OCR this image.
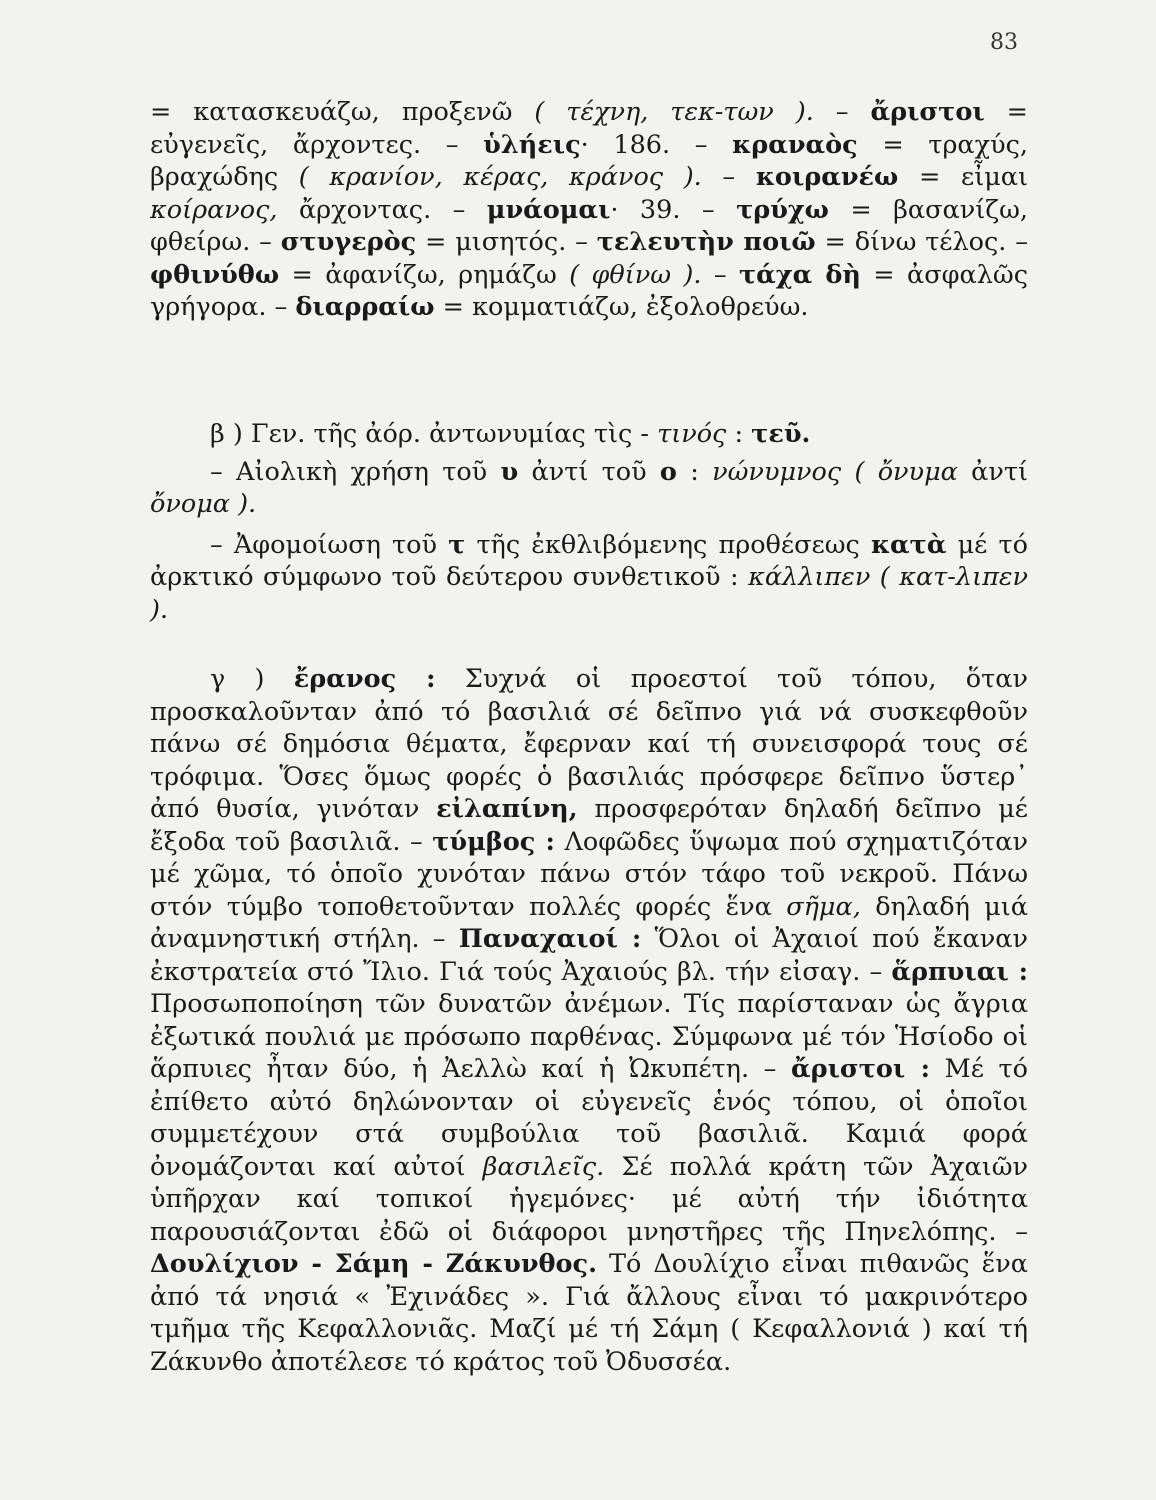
83

= κατασκευάζω, προξενῶ ( τέχνη, τεκ-των ). – ἄριστοι = εὐγενεῖς, ἄρχοντες. – ὑλήεις· 186. – κραναὸς = τραχύς, βραχώδης ( κρανίον, κέρας, κράνος ). – κοιρανέω = εἶμαι κοίρανος, ἄρχοντας. – μνάομαι· 39. – τρύχω = βασανίζω, φθείρω. – στυγερὸς = μισητός. – τελευτὴν ποιῶ = δίνω τέλος. – φθινύθω = ἀφανίζω, ρημάζω ( φθίνω ). – τάχα δὴ = ἀσφαλῶς γρήγορα. – διαρραίω = κομματιάζω, ἐξολοθρεύω.

β ) Γεν. τῆς ἀόρ. ἀντωνυμίας τὶς - τινός : τεῦ.

– Αἰολικὴ χρήση τοῦ υ ἀντί τοῦ ο : νώνυμνος ( ὄνυμα ἀντί ὄνομα ).

– Ἀφομοίωση τοῦ τ τῆς ἐκθλιβόμενης προθέσεως κατὰ μέ τό ἀρκτικό σύμφωνο τοῦ δεύτερου συνθετικοῦ : κάλλιπεν ( κατ-λιπεν ).

γ ) ἔρανος : Συχνά οἱ προεστοί τοῦ τόπου, ὅταν προσκαλοῦνταν ἀπό τό βασιλιά σέ δεῖπνο γιά νά συσκεφθοῦν πάνω σέ δημόσια θέματα, ἔφερναν καί τή συνεισφορά τους σέ τρόφιμα. Ὅσες ὅμως φορές ὁ βασιλιάς πρόσφερε δεῖπνο ὕστερ᾽ ἀπό θυσία, γινόταν εἰλαπίνη, προσφερόταν δηλαδή δεῖπνο μέ ἔξοδα τοῦ βασιλιᾶ. – τύμβος : Λοφῶδες ὕψωμα πού σχηματιζόταν μέ χῶμα, τό ὁποῖο χυνόταν πάνω στόν τάφο τοῦ νεκροῦ. Πάνω στόν τύμβο τοποθετοῦνταν πολλές φορές ἕνα σῆμα, δηλαδή μιά ἀναμνηστική στήλη. – Παναχαιοί : Ὅλοι οἱ Ἀχαιοί πού ἔκαναν ἐκστρατεία στό Ἴλιο. Γιά τούς Ἀχαιούς βλ. τήν εἰσαγ. – ἅρπυιαι : Προσωποποίηση τῶν δυνατῶν ἀνέμων. Τίς παρίσταναν ὡς ἄγρια ἐξωτικά πουλιά με πρόσωπο παρθένας. Σύμφωνα μέ τόν Ἡσίοδο οἱ ἅρπυιες ἦταν δύο, ἡ Ἀελλὼ καί ἡ Ὠκυπέτη. – ἄριστοι : Μέ τό ἐπίθετο αὐτό δηλώνονταν οἱ εὐγενεῖς ἑνός τόπου, οἱ ὁποῖοι συμμετέχουν στά συμβούλια τοῦ βασιλιᾶ. Καμιά φορά ὀνομάζονται καί αὐτοί βασιλεῖς. Σέ πολλά κράτη τῶν Ἀχαιῶν ὑπῆρχαν καί τοπικοί ἡγεμόνες· μέ αὐτή τήν ἰδιότητα παρουσιάζονται ἐδῶ οἱ διάφοροι μνηστῆρες τῆς Πηνελόπης. – Δουλίχιον - Σάμη - Ζάκυνθος. Τό Δουλίχιο εἶναι πιθανῶς ἕνα ἀπό τά νησιά « Ἐχινάδες ». Γιά ἄλλους εἶναι τό μακρινότερο τμῆμα τῆς Κεφαλλονιᾶς. Μαζί μέ τή Σάμη ( Κεφαλλονιά ) καί τή Ζάκυνθο ἀποτέλεσε τό κράτος τοῦ Ὀδυσσέα.
